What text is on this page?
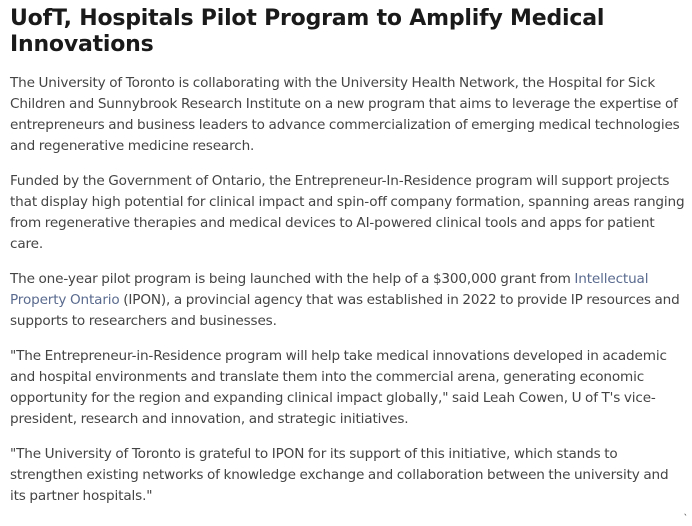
UofT, Hospitals Pilot Program to Amplify Medical Innovations

The University of Toronto is collaborating with the University Health Network, the Hospital for Sick Children and Sunnybrook Research Institute on a new program that aims to leverage the expertise of entrepreneurs and business leaders to advance commercialization of emerging medical technologies and regenerative medicine research.

Funded by the Government of Ontario, the Entrepreneur-In-Residence program will support projects that display high potential for clinical impact and spin-off company formation, spanning areas ranging from regenerative therapies and medical devices to AI-powered clinical tools and apps for patient care.

The one-year pilot program is being launched with the help of a $300,000 grant from Intellectual Property Ontario (IPON), a provincial agency that was established in 2022 to provide IP resources and supports to researchers and businesses.

"The Entrepreneur-in-Residence program will help take medical innovations developed in academic and hospital environments and translate them into the commercial arena, generating economic opportunity for the region and expanding clinical impact globally," said Leah Cowen, U of T's vice-president, research and innovation, and strategic initiatives.

"The University of Toronto is grateful to IPON for its support of this initiative, which stands to strengthen existing networks of knowledge exchange and collaboration between the university and its partner hospitals."
